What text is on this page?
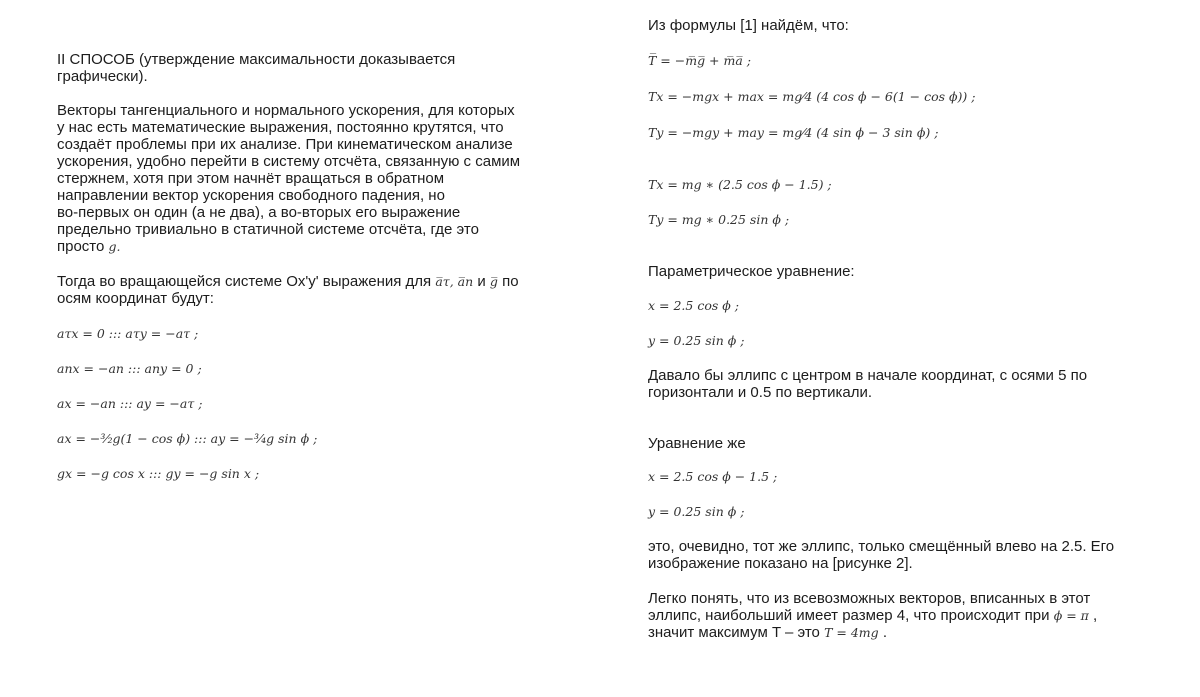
II СПОСОБ (утверждение максимальности доказывается
графически).
Векторы тангенциального и нормального ускорения, для которых
у нас есть математические выражения, постоянно крутятся, что
создаёт проблемы при их анализе. При кинематическом анализе
ускорения, удобно перейти в систему отсчёта, связанную с самим
стержнем, хотя при этом начнёт вращаться в обратном
направлении вектор ускорения свободного падения, но
во-первых он один (а не два), а во-вторых его выражение
предельно тривиально в статичной системе отсчёта, где это
просто g.
Тогда во вращающейся системе Ox'y' выражения для a̅τ, a̅n и g̅ по
осям координат будут:
aτx = 0 ::: aτy = −aτ ;
anx = −an ::: any = 0 ;
ax = −an ::: ay = −aτ ;
ax = −³⁄₂g(1 − cos ϕ) ::: ay = −³⁄₄g sin ϕ ;
gx = −g cos x ::: gy = −g sin x ;
Из формулы [1] найдём, что:
T̅ = −m̅g̅ + m̅a̅ ;
Tx = −mgx + max = mg⁄4 (4 cos ϕ − 6(1 − cos ϕ)) ;
Ty = −mgy + may = mg⁄4 (4 sin ϕ − 3 sin ϕ) ;
Tx = mg ∗ (2.5 cos ϕ − 1.5) ;
Ty = mg ∗ 0.25 sin ϕ ;
Параметрическое уравнение:
x = 2.5 cos ϕ ;
y = 0.25 sin ϕ ;
Давало бы эллипс с центром в начале координат, с осями 5 по
горизонтали и 0.5 по вертикали.
Уравнение же
x = 2.5 cos ϕ − 1.5 ;
y = 0.25 sin ϕ ;
это, очевидно, тот же эллипс, только смещённый влево на 2.5. Его
изображение показано на [рисунке 2].
Легко понять, что из всевозможных векторов, вписанных в этот
эллипс, наибольший имеет размер 4, что происходит при ϕ = π ,
значит максимум T – это T = 4mg .
